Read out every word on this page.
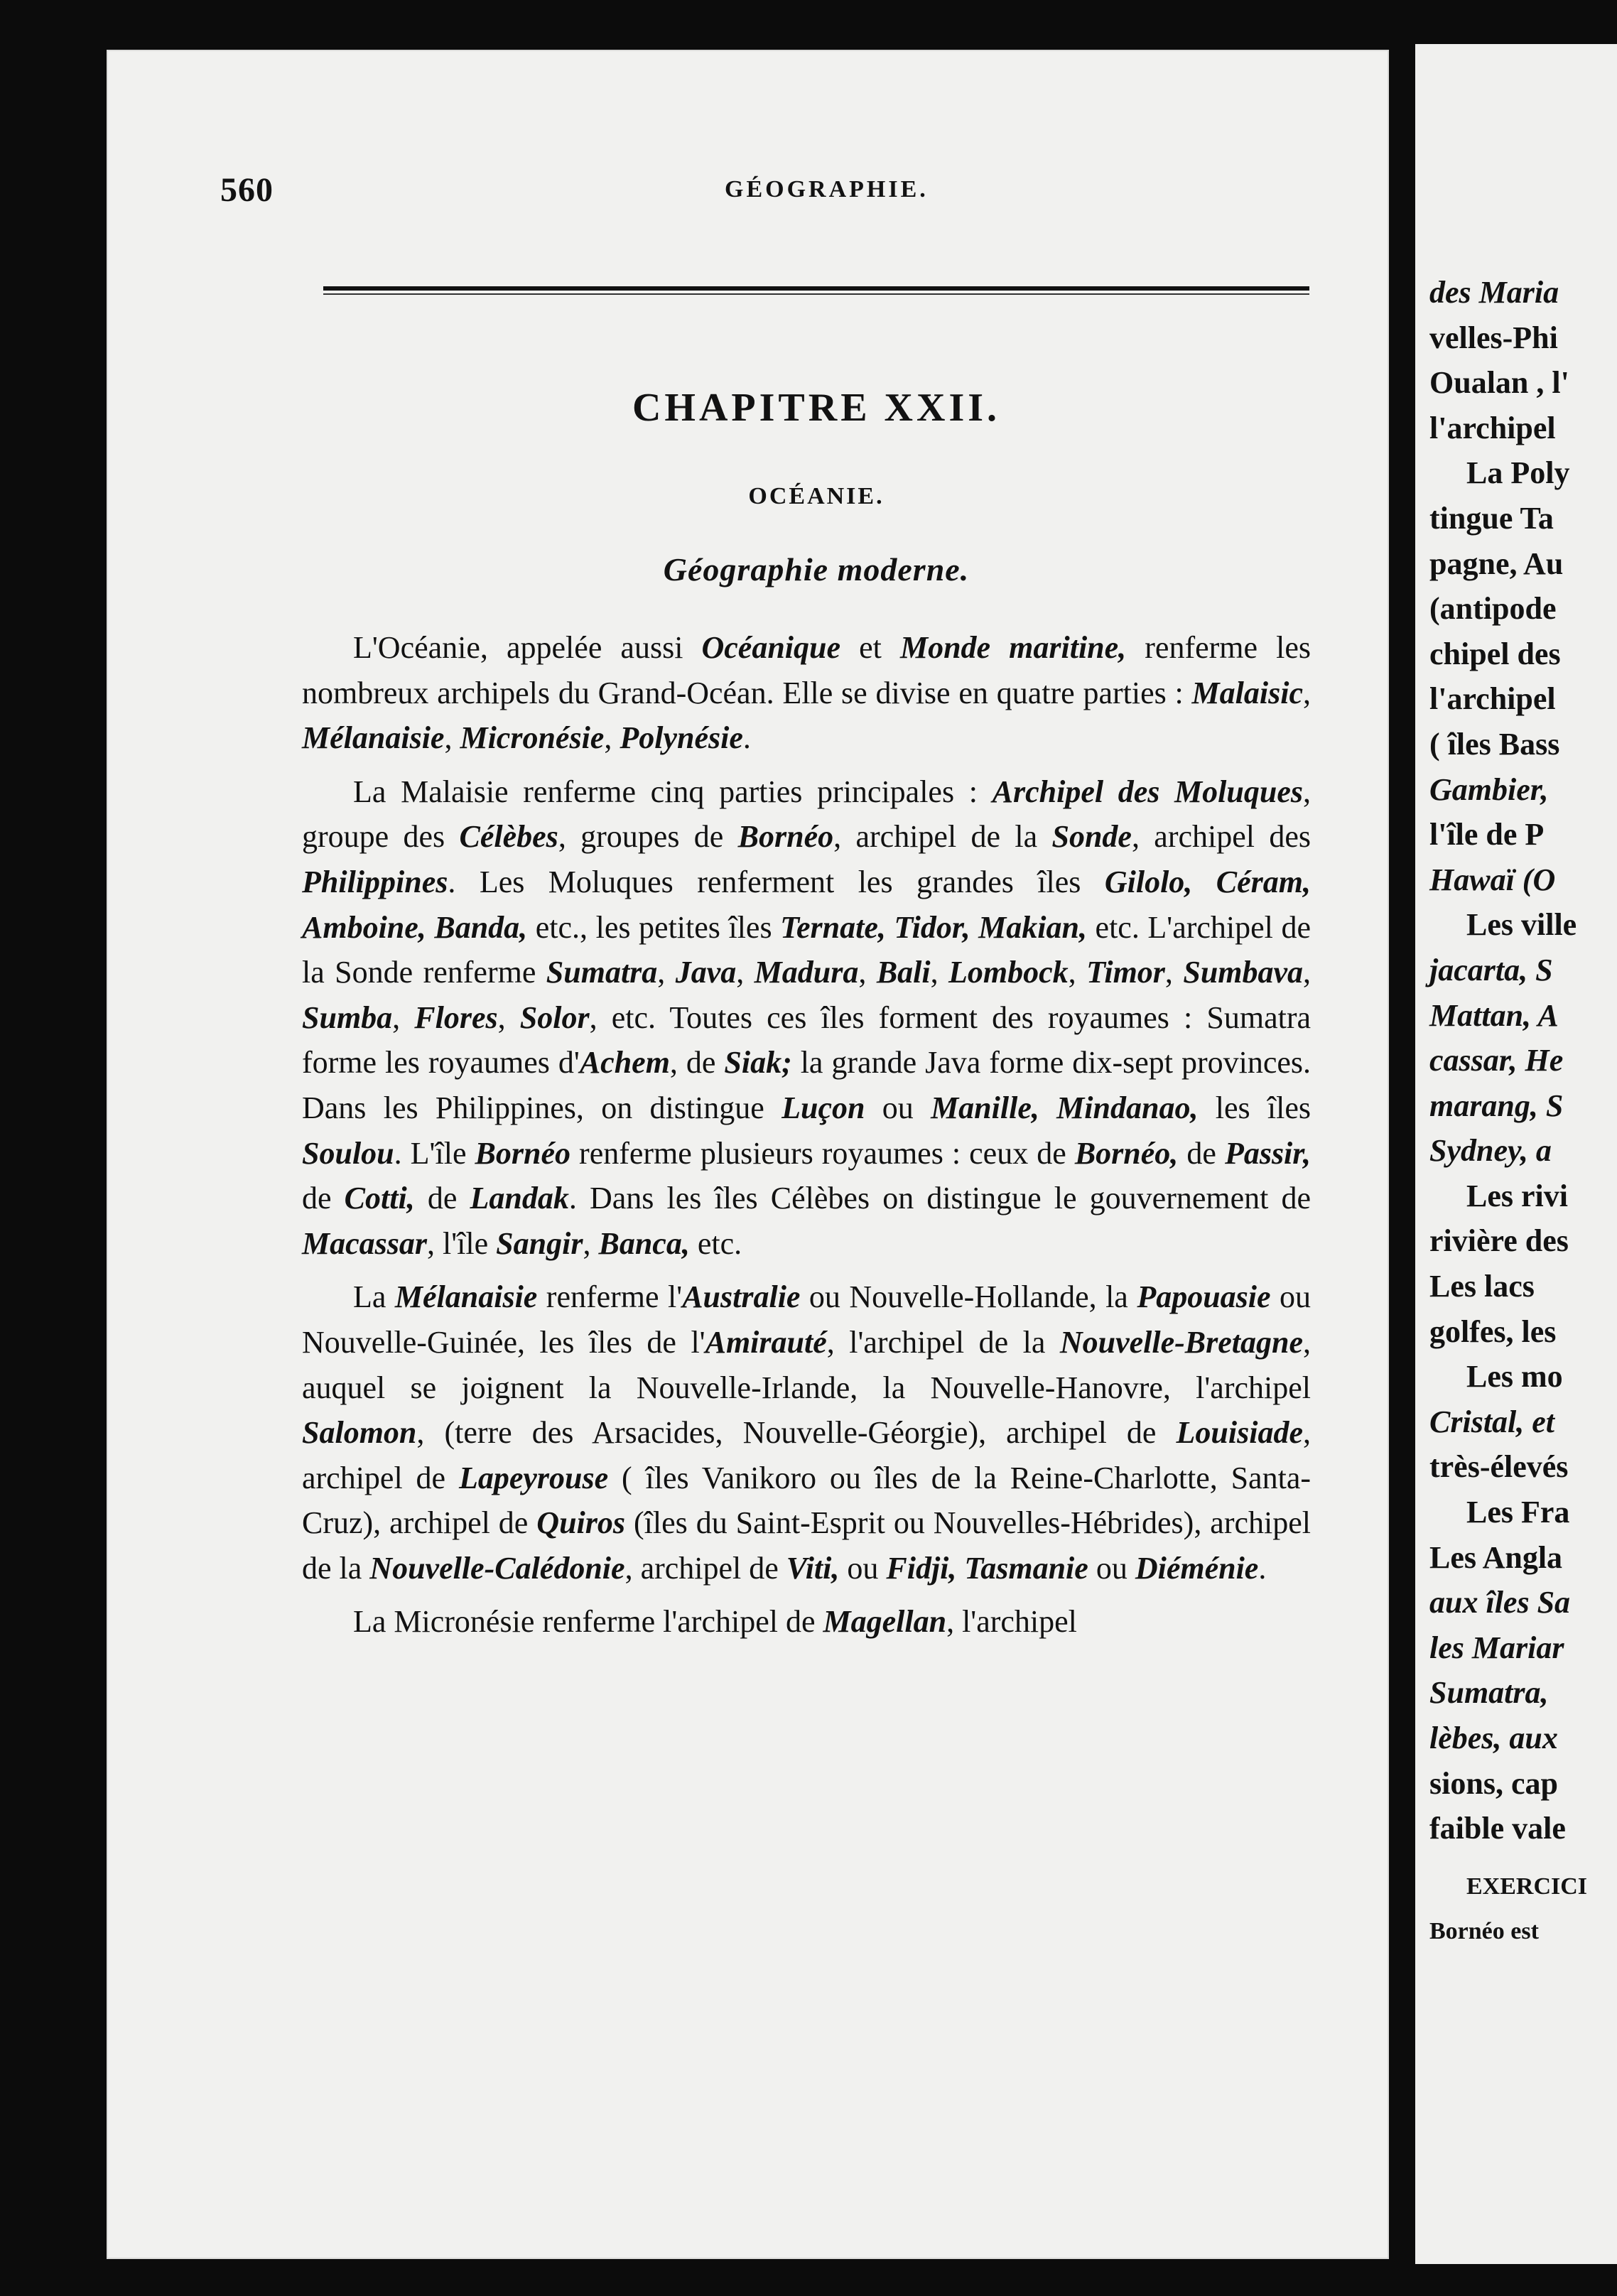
des Maria
velles-Phi
Oualan , l'
l'archipel
La Poly
tingue Ta
pagne, Au
(antipode
chipel des
l'archipel
( îles Bass
Gambier,
l'île de P
Hawaï (O
Les ville
jacarta, S
Mattan, A
cassar, He
marang, S
Sydney, a
Les rivi
rivière des
Les lacs
golfes, les
Les mo
Cristal, et
très-élevés
Les Fra
Les Angla
aux îles Sa
les Mariar
Sumatra,
lèbes, aux
sions, cap
faible vale
EXERCICI
Bornéo est
560	GÉOGRAPHIE.
CHAPITRE XXII.
OCÉANIE.
Géographie moderne.

L'Océanie, appelée aussi Océanique et Monde maritine, renferme les nombreux archipels du Grand-Océan. Elle se divise en quatre parties : Malaisic, Mélanaisie, Micronésie, Polynésie.

La Malaisie renferme cinq parties principales : Archipel des Moluques, groupe des Célèbes, groupes de Bornéo, archipel de la Sonde, archipel des Philippines. Les Moluques renferment les grandes îles Gilolo, Céram, Amboine, Banda, etc., les petites îles Ternate, Tidor, Makian, etc. L'archipel de la Sonde renferme Sumatra, Java, Madura, Bali, Lombock, Timor, Sumbava, Sumba, Flores, Solor, etc. Toutes ces îles forment des royaumes : Sumatra forme les royaumes d'Achem, de Siak; la grande Java forme dix-sept provinces. Dans les Philippines, on distingue Luçon ou Manille, Mindanao, les îles Soulou. L'île Bornéo renferme plusieurs royaumes : ceux de Bornéo, de Passir, de Cotti, de Landak. Dans les îles Célèbes on distingue le gouvernement de Macassar, l'île Sangir, Banca, etc.

La Mélanaisie renferme l'Australie ou Nouvelle-Hollande, la Papouasie ou Nouvelle-Guinée, les îles de l'Amirauté, l'archipel de la Nouvelle-Bretagne, auquel se joignent la Nouvelle-Irlande, la Nouvelle-Hanovre, l'archipel Salomon, (terre des Arsacides, Nouvelle-Géorgie), archipel de Louisiade, archipel de Lapeyrouse ( îles Vanikoro ou îles de la Reine-Charlotte, Santa-Cruz), archipel de Quiros (îles du Saint-Esprit ou Nouvelles-Hébrides), archipel de la Nouvelle-Calédonie, archipel de Viti, ou Fidji, Tasmanie ou Diéménie.

La Micronésie renferme l'archipel de Magellan, l'archipel
